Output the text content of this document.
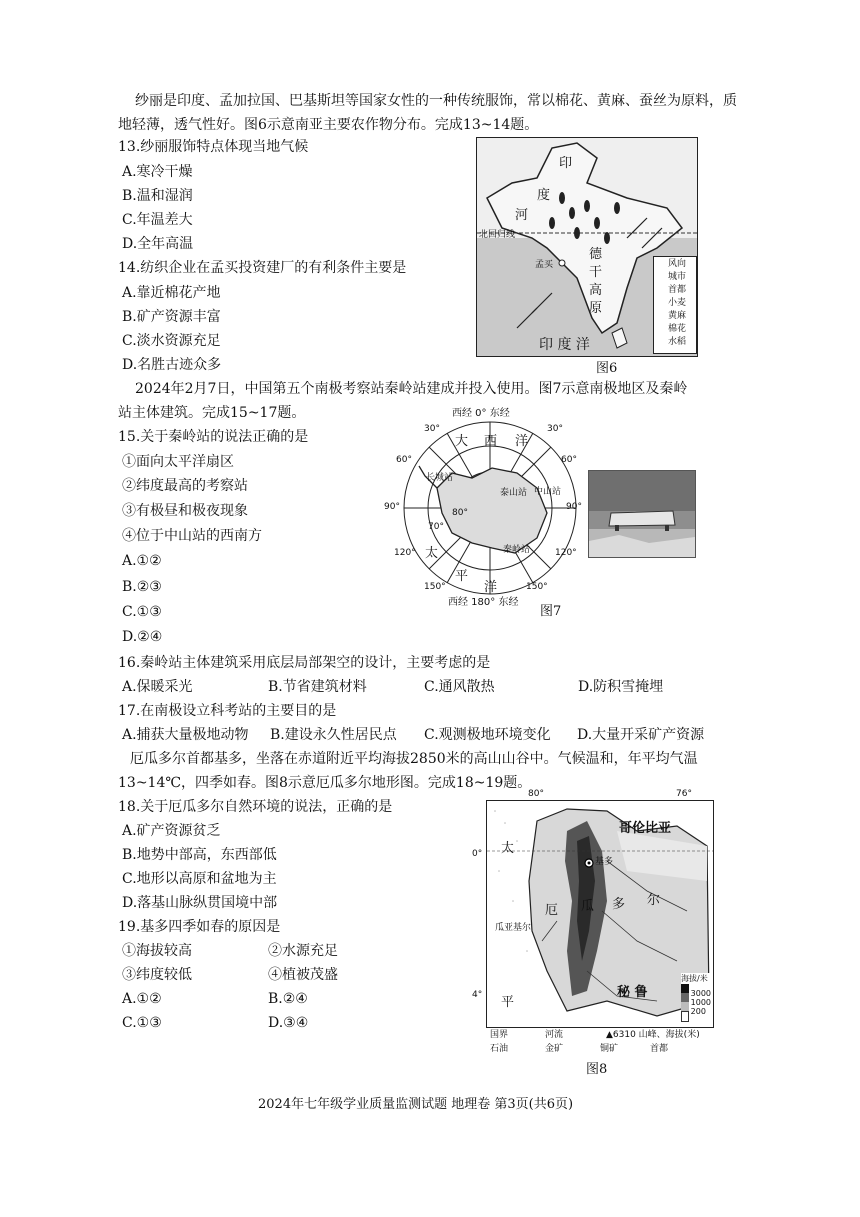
纱丽是印度、孟加拉国、巴基斯坦等国家女性的一种传统服饰，常以棉花、黄麻、蚕丝为原料，质
地轻薄，透气性好。图6示意南亚主要农作物分布。完成13~14题。
13.纱丽服饰特点体现当地气候
A.寒冷干燥
B.温和湿润
C.年温差大
D.全年高温
14.纺织企业在孟买投资建厂的有利条件主要是
A.靠近棉花产地
B.矿产资源丰富
C.淡水资源充足
D.名胜古迹众多
印
度
河
北回归线
孟买
德
干
高
原
印 度 洋
风向
城市
首都
小麦
黄麻
棉花
水稻
图6
2024年2月7日，中国第五个南极考察站秦岭站建成并投入使用。图7示意南极地区及秦岭
站主体建筑。完成15~17题。
15.关于秦岭站的说法正确的是
①面向太平洋扇区
②纬度最高的考察站
③有极昼和极夜现象
④位于中山站的西南方
A.①②
B.②③
C.①③
D.②④
西经 0° 东经
30°
60°
90°
120°
150°
30°
60°
90°
120°
150°
大 西 洋
太
平
洋
长城站
中山站
泰山站
秦岭站
80°
70°
西经 180° 东经
图7
16.秦岭站主体建筑采用底层局部架空的设计，主要考虑的是
A.保暖采光	B.节省建筑材料	C.通风散热	D.防积雪掩埋
17.在南极设立科考站的主要目的是
A.捕获大量极地动物 B.建设永久性居民点 C.观测极地环境变化 D.大量开采矿产资源
厄瓜多尔首都基多，坐落在赤道附近平均海拔2850米的高山山谷中。气候温和，年平均气温
13~14℃，四季如春。图8示意厄瓜多尔地形图。完成18~19题。
18.关于厄瓜多尔自然环境的说法，正确的是
A.矿产资源贫乏
B.地势中部高，东西部低
C.地形以高原和盆地为主
D.落基山脉纵贯国境中部
19.基多四季如春的原因是
①海拔较高	②水源充足
③纬度较低	④植被茂盛
A.①②	B.②④
C.①③	D.③④
80°	76°
0°
4°
哥伦比亚
基多
厄 瓜 多 尔
秘 鲁
瓜亚基尔
太
平
海拔/米
3000
1000
200
国界	河流	▲6310 山峰、海拔(米)
石油	金矿	铜矿	首都
图8
2024年七年级学业质量监测试题 地理卷 第3页(共6页)
